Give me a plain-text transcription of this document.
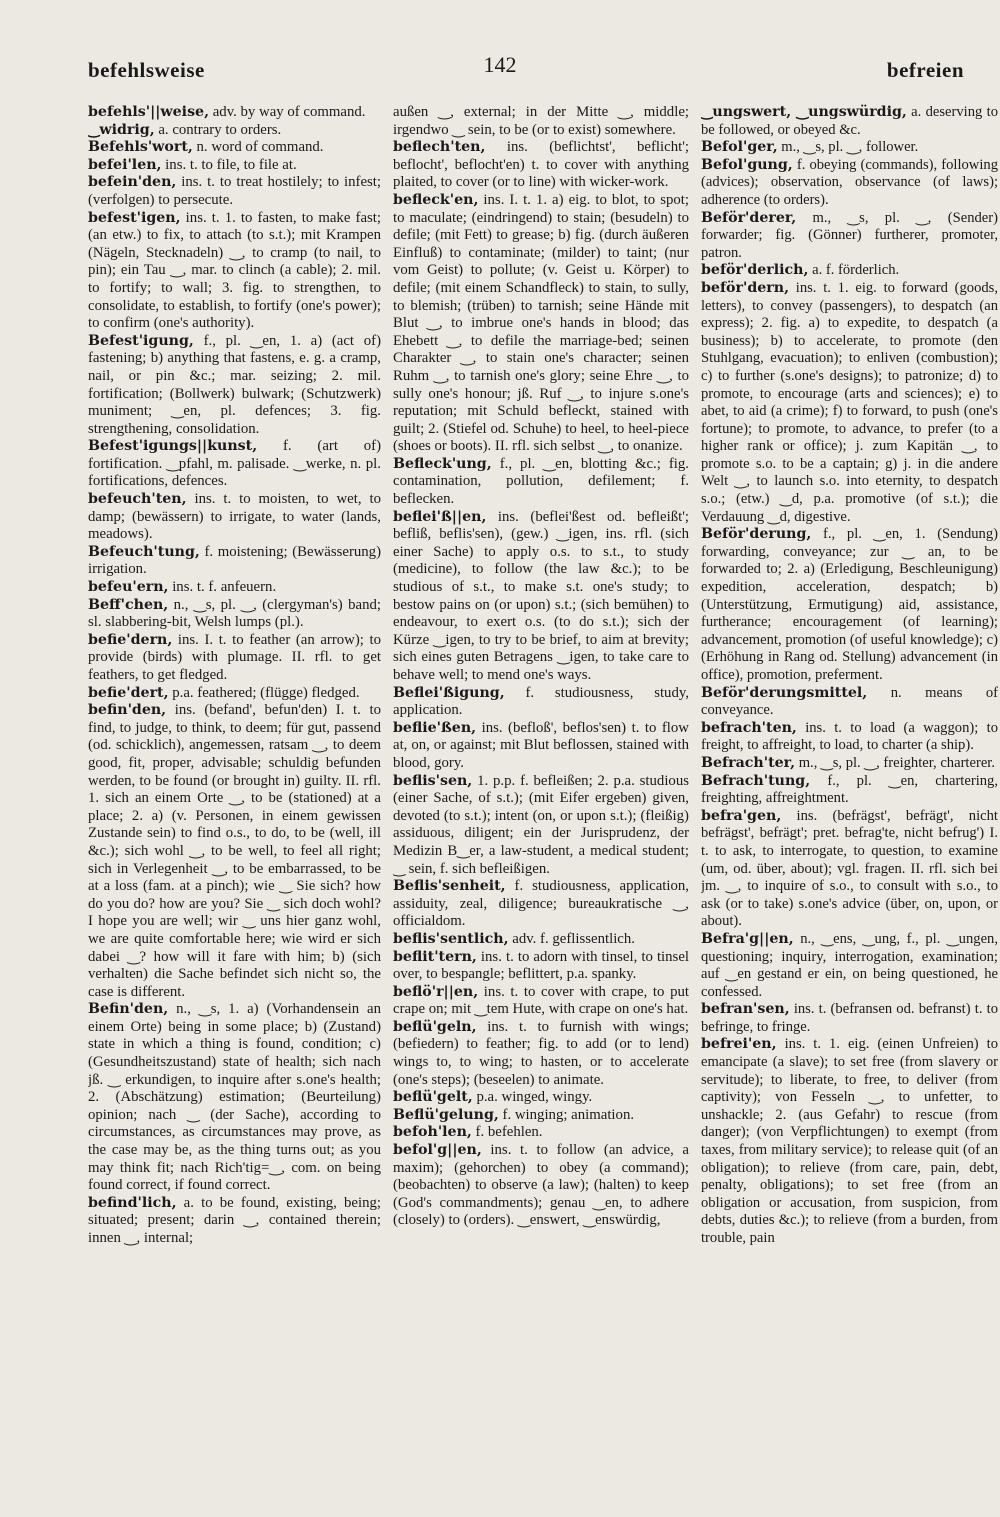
befehlsweise	142	befreien

befehls'||weise, adv. by way of command.

‿widrig, a. contrary to orders.

Befehls'wort, n. word of command.

befei'len, ins. t. to file, to file at.

befein'den, ins. t. to treat hostilely; to infest; (verfolgen) to persecute.

befest'igen, ins. t. 1. to fasten, to make fast; (an etw.) to fix, to attach (to s.t.); mit Krampen (Nägeln, Stecknadeln) ‿, to cramp (to nail, to pin); ein Tau ‿, mar. to clinch (a cable); 2. mil. to fortify; to wall; 3. fig. to strengthen, to consolidate, to establish, to fortify (one's power); to confirm (one's authority).

Befest'igung, f., pl. ‿en, 1. a) (act of) fastening; b) anything that fastens, e. g. a cramp, nail, or pin &c.; mar. seizing; 2. mil. fortification; (Bollwerk) bulwark; (Schutzwerk) muniment; ‿en, pl. defences; 3. fig. strengthening, consolidation.

Befest'igungs||kunst, f. (art of) fortification. ‿pfahl, m. palisade. ‿werke, n. pl. fortifications, defences.

befeuch'ten, ins. t. to moisten, to wet, to damp; (bewässern) to irrigate, to water (lands, meadows).

Befeuch'tung, f. moistening; (Bewässerung) irrigation.

befeu'ern, ins. t. f. anfeuern.

Beff'chen, n., ‿s, pl. ‿, (clergyman's) band; sl. slabbering-bit, Welsh lumps (pl.).

befie'dern, ins. I. t. to feather (an arrow); to provide (birds) with plumage. II. rfl. to get feathers, to get fledged.

befie'dert, p.a. feathered; (flügge) fledged.

befin'den, ins. (befand', befun'den) I. t. to find, to judge, to think, to deem; für gut, passend (od. schicklich), angemessen, ratsam ‿, to deem good, fit, proper, advisable; schuldig befunden werden, to be found (or brought in) guilty. II. rfl. 1. sich an einem Orte ‿, to be (stationed) at a place; 2. a) (v. Personen, in einem gewissen Zustande sein) to find o.s., to do, to be (well, ill &c.); sich wohl ‿, to be well, to feel all right; sich in Verlegenheit ‿, to be embarrassed, to be at a loss (fam. at a pinch); wie ‿ Sie sich? how do you do? how are you? Sie ‿ sich doch wohl? I hope you are well; wir ‿ uns hier ganz wohl, we are quite comfortable here; wie wird er sich dabei ‿? how will it fare with him; b) (sich verhalten) die Sache befindet sich nicht so, the case is different.

Befin'den, n., ‿s, 1. a) (Vorhandensein an einem Orte) being in some place; b) (Zustand) state in which a thing is found, condition; c) (Gesundheitszustand) state of health; sich nach jß. ‿ erkundigen, to inquire after s.one's health; 2. (Abschätzung) estimation; (Beurteilung) opinion; nach ‿ (der Sache), according to circumstances, as circumstances may prove, as the case may be, as the thing turns out; as you may think fit; nach Rich'tig=‿, com. on being found correct, if found correct.

befind'lich, a. to be found, existing, being; situated; present; darin ‿, contained therein; innen ‿, internal;

außen ‿, external; in der Mitte ‿, middle; irgendwo ‿ sein, to be (or to exist) somewhere.

beflech'ten, ins. (beflichtst', beflicht'; beflocht', beflocht'en) t. to cover with anything plaited, to cover (or to line) with wicker-work.

befleck'en, ins. I. t. 1. a) eig. to blot, to spot; to maculate; (eindringend) to stain; (besudeln) to defile; (mit Fett) to grease; b) fig. (durch äußeren Einfluß) to contaminate; (milder) to taint; (nur vom Geist) to pollute; (v. Geist u. Körper) to defile; (mit einem Schandfleck) to stain, to sully, to blemish; (trüben) to tarnish; seine Hände mit Blut ‿, to imbrue one's hands in blood; das Ehebett ‿, to defile the marriage-bed; seinen Charakter ‿, to stain one's character; seinen Ruhm ‿, to tarnish one's glory; seine Ehre ‿, to sully one's honour; jß. Ruf ‿, to injure s.one's reputation; mit Schuld befleckt, stained with guilt; 2. (Stiefel od. Schuhe) to heel, to heel-piece (shoes or boots). II. rfl. sich selbst ‿, to onanize.

Befleck'ung, f., pl. ‿en, blotting &c.; fig. contamination, pollution, defilement; f. beflecken.

beflei'ß||en, ins. (beflei'ßest od. befleißt'; befliß, beflis'sen), (gew.) ‿igen, ins. rfl. (sich einer Sache) to apply o.s. to s.t., to study (medicine), to follow (the law &c.); to be studious of s.t., to make s.t. one's study; to bestow pains on (or upon) s.t.; (sich bemühen) to endeavour, to exert o.s. (to do s.t.); sich der Kürze ‿igen, to try to be brief, to aim at brevity; sich eines guten Betragens ‿igen, to take care to behave well; to mend one's ways.

Beflei'ßigung, f. studiousness, study, application.

beflie'ßen, ins. (befloß', beflos'sen) t. to flow at, on, or against; mit Blut beflossen, stained with blood, gory.

beflis'sen, 1. p.p. f. befleißen; 2. p.a. studious (einer Sache, of s.t.); (mit Eifer ergeben) given, devoted (to s.t.); intent (on, or upon s.t.); (fleißig) assiduous, diligent; ein der Jurisprudenz, der Medizin B‿er, a law-student, a medical student; ‿ sein, f. sich befleißigen.

Beflis'senheit, f. studiousness, application, assiduity, zeal, diligence; bureaukratische ‿, officialdom.

beflis'sentlich, adv. f. geflissentlich.

beflit'tern, ins. t. to adorn with tinsel, to tinsel over, to bespangle; beflittert, p.a. spanky.

beflö'r||en, ins. t. to cover with crape, to put crape on; mit ‿tem Hute, with crape on one's hat.

beflü'geln, ins. t. to furnish with wings; (befiedern) to feather; fig. to add (or to lend) wings to, to wing; to hasten, or to accelerate (one's steps); (beseelen) to animate.

beflü'gelt, p.a. winged, wingy.

Beflü'gelung, f. winging; animation.

befoh'len, f. befehlen.

befol'g||en, ins. t. to follow (an advice, a maxim); (gehorchen) to obey (a command); (beobachten) to observe (a law); (halten) to keep (God's commandments); genau ‿en, to adhere (closely) to (orders). ‿enswert, ‿enswürdig,

‿ungswert, ‿ungswürdig, a. deserving to be followed, or obeyed &c.

Befol'ger, m., ‿s, pl. ‿, follower.

Befol'gung, f. obeying (commands), following (advices); observation, observance (of laws); adherence (to orders).

Beför'derer, m., ‿s, pl. ‿, (Sender) forwarder; fig. (Gönner) furtherer, promoter, patron.

beför'derlich, a. f. förderlich.

beför'dern, ins. t. 1. eig. to forward (goods, letters), to convey (passengers), to despatch (an express); 2. fig. a) to expedite, to despatch (a business); b) to accelerate, to promote (den Stuhlgang, evacuation); to enliven (combustion); c) to further (s.one's designs); to patronize; d) to promote, to encourage (arts and sciences); e) to abet, to aid (a crime); f) to forward, to push (one's fortune); to promote, to advance, to prefer (to a higher rank or office); j. zum Kapitän ‿, to promote s.o. to be a captain; g) j. in die andere Welt ‿, to launch s.o. into eternity, to despatch s.o.; (etw.) ‿d, p.a. promotive (of s.t.); die Verdauung ‿d, digestive.

Beför'derung, f., pl. ‿en, 1. (Sendung) forwarding, conveyance; zur ‿ an, to be forwarded to; 2. a) (Erledigung, Beschleunigung) expedition, acceleration, despatch; b) (Unterstützung, Ermutigung) aid, assistance, furtherance; encouragement (of learning); advancement, promotion (of useful knowledge); c) (Erhöhung in Rang od. Stellung) advancement (in office), promotion, preferment.

Beför'derungsmittel, n. means of conveyance.

befrach'ten, ins. t. to load (a waggon); to freight, to affreight, to load, to charter (a ship).

Befrach'ter, m., ‿s, pl. ‿, freighter, charterer.

Befrach'tung, f., pl. ‿en, chartering, freighting, affreightment.

befra'gen, ins. (befrägst', befrägt', nicht befrägst', befrägt'; pret. befrag'te, nicht befrug') I. t. to ask, to interrogate, to question, to examine (um, od. über, about); vgl. fragen. II. rfl. sich bei jm. ‿, to inquire of s.o., to consult with s.o., to ask (or to take) s.one's advice (über, on, upon, or about).

Befra'g||en, n., ‿ens, ‿ung, f., pl. ‿ungen, questioning; inquiry, interrogation, examination; auf ‿en gestand er ein, on being questioned, he confessed.

befran'sen, ins. t. (befransen od. befranst) t. to befringe, to fringe.

befrei'en, ins. t. 1. eig. (einen Unfreien) to emancipate (a slave); to set free (from slavery or servitude); to liberate, to free, to deliver (from captivity); von Fesseln ‿, to unfetter, to unshackle; 2. (aus Gefahr) to rescue (from danger); (von Verpflichtungen) to exempt (from taxes, from military service); to release quit (of an obligation); to relieve (from care, pain, debt, penalty, obligations); to set free (from an obligation or accusation, from suspicion, from debts, duties &c.); to relieve (from a burden, from trouble, pain
